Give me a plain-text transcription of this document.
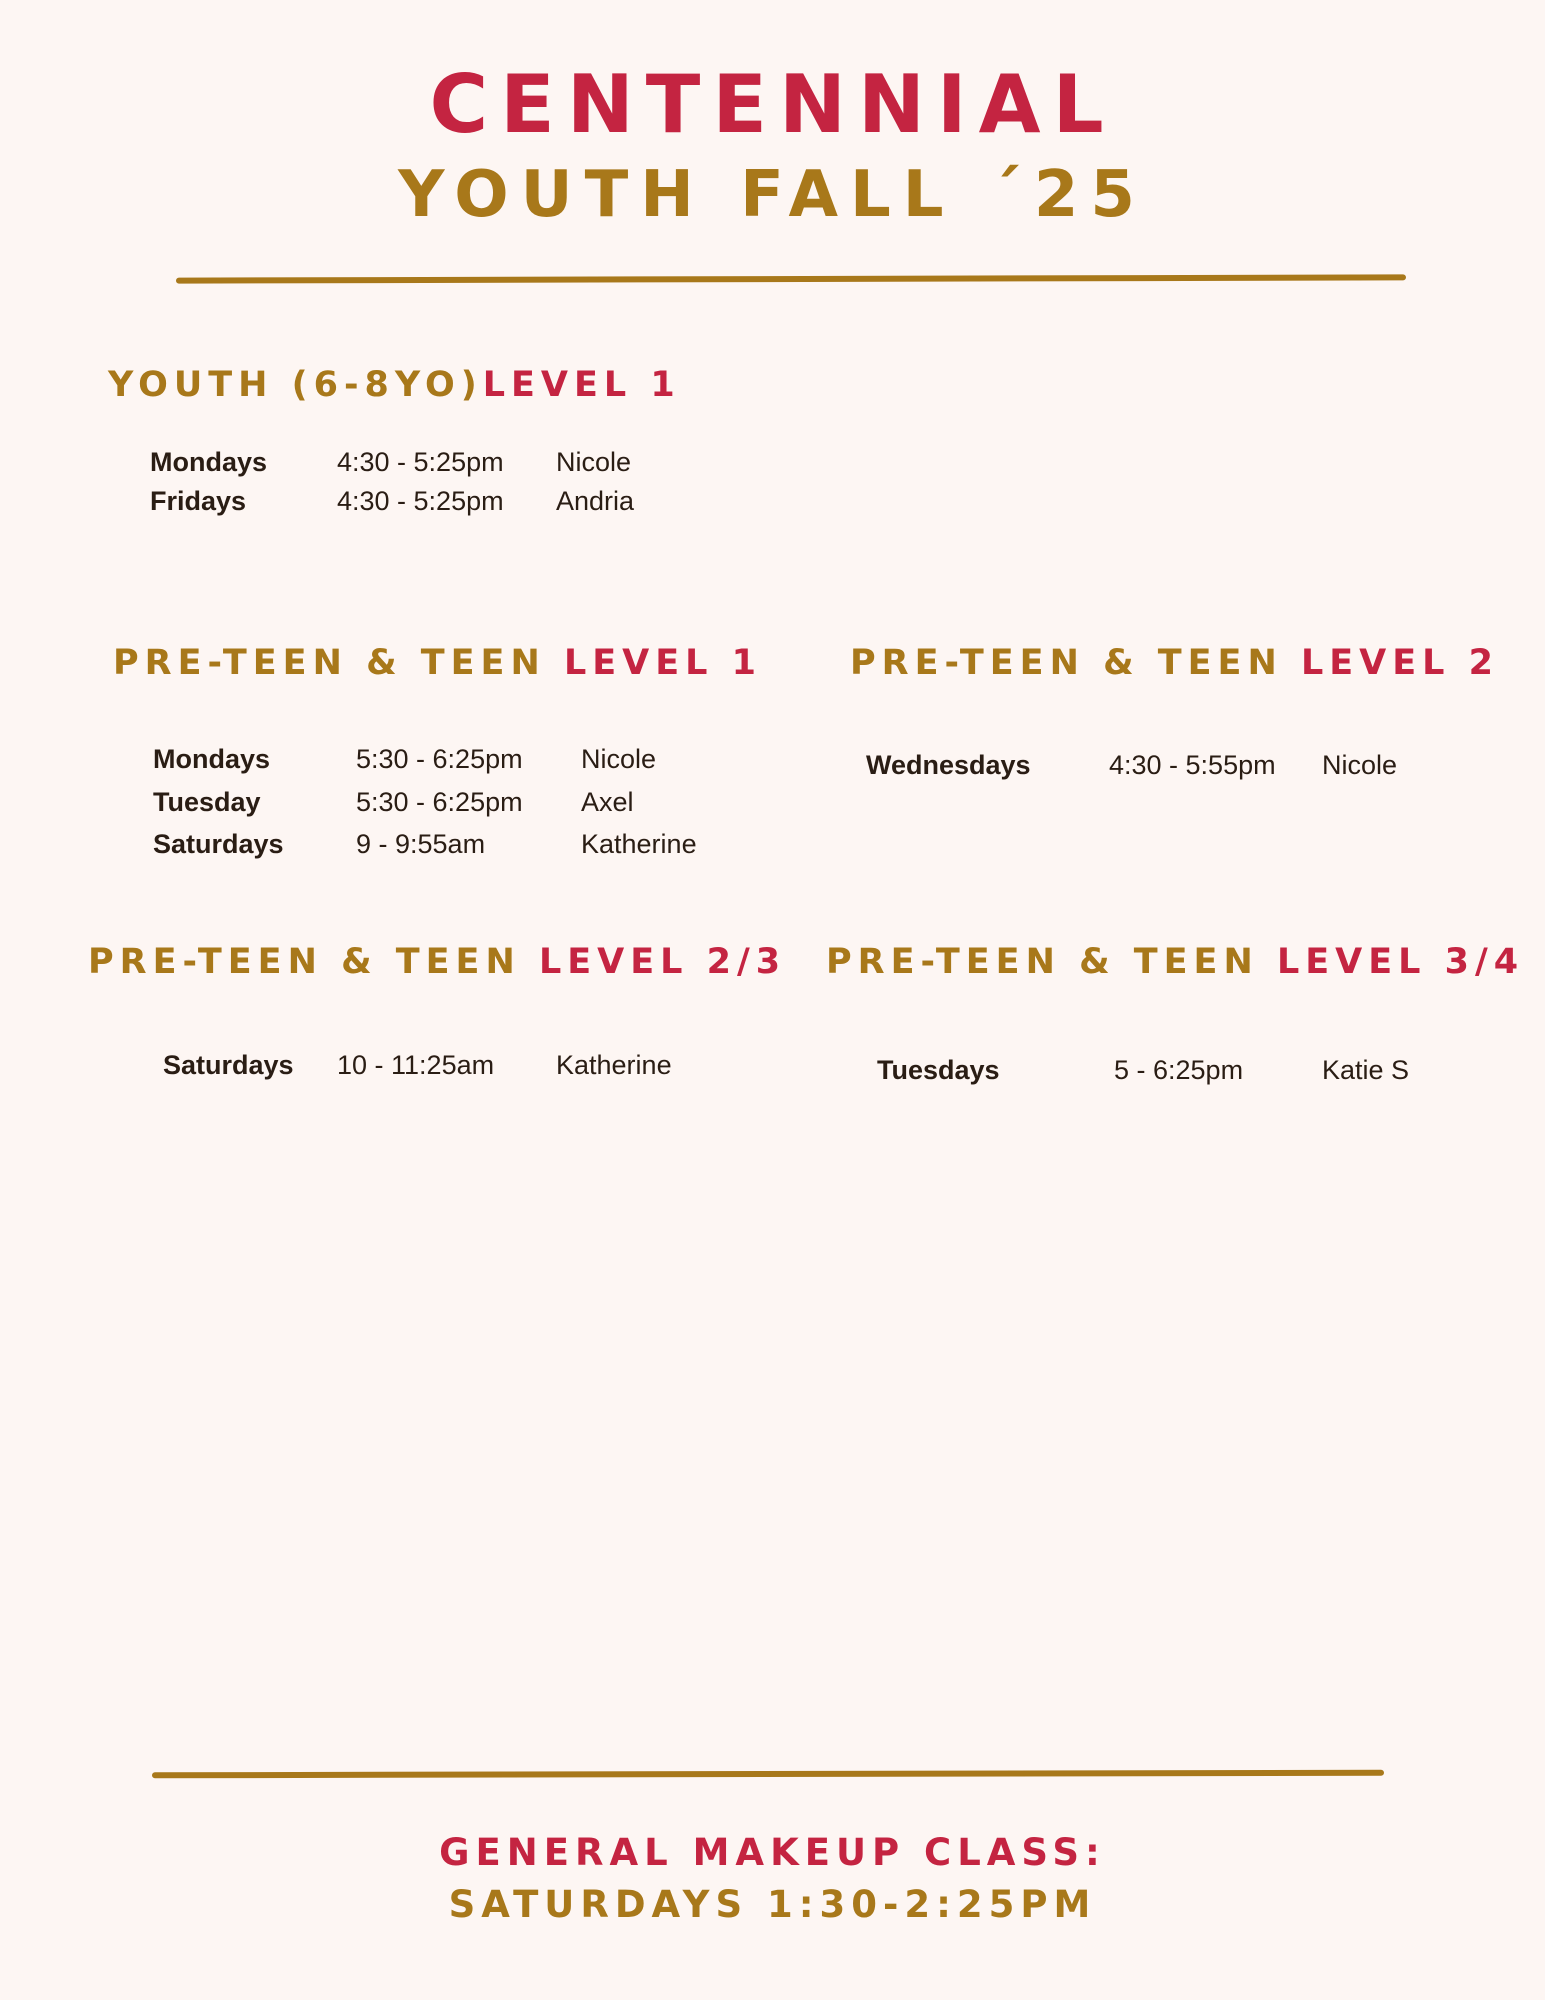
CENTENNIAL
YOUTH FALL ´25
YOUTH (6-8YO)LEVEL 1
Mondays	4:30 - 5:25pm Nicole
Fridays	4:30 - 5:25pm Andria
PRE-TEEN & TEEN LEVEL 1
Mondays	5:30 - 6:25pm Nicole
Tuesday	5:30 - 6:25pm Axel
Saturdays	9 - 9:55am	Katherine
PRE-TEEN & TEEN LEVEL 2
Wednesdays	4:30 - 5:55pm Nicole
PRE-TEEN & TEEN LEVEL 2/3
Saturdays 10 - 11:25am Katherine
PRE-TEEN & TEEN LEVEL 3/4
Tuesdays	5 - 6:25pm	Katie S
GENERAL MAKEUP CLASS:
SATURDAYS 1:30-2:25PM
